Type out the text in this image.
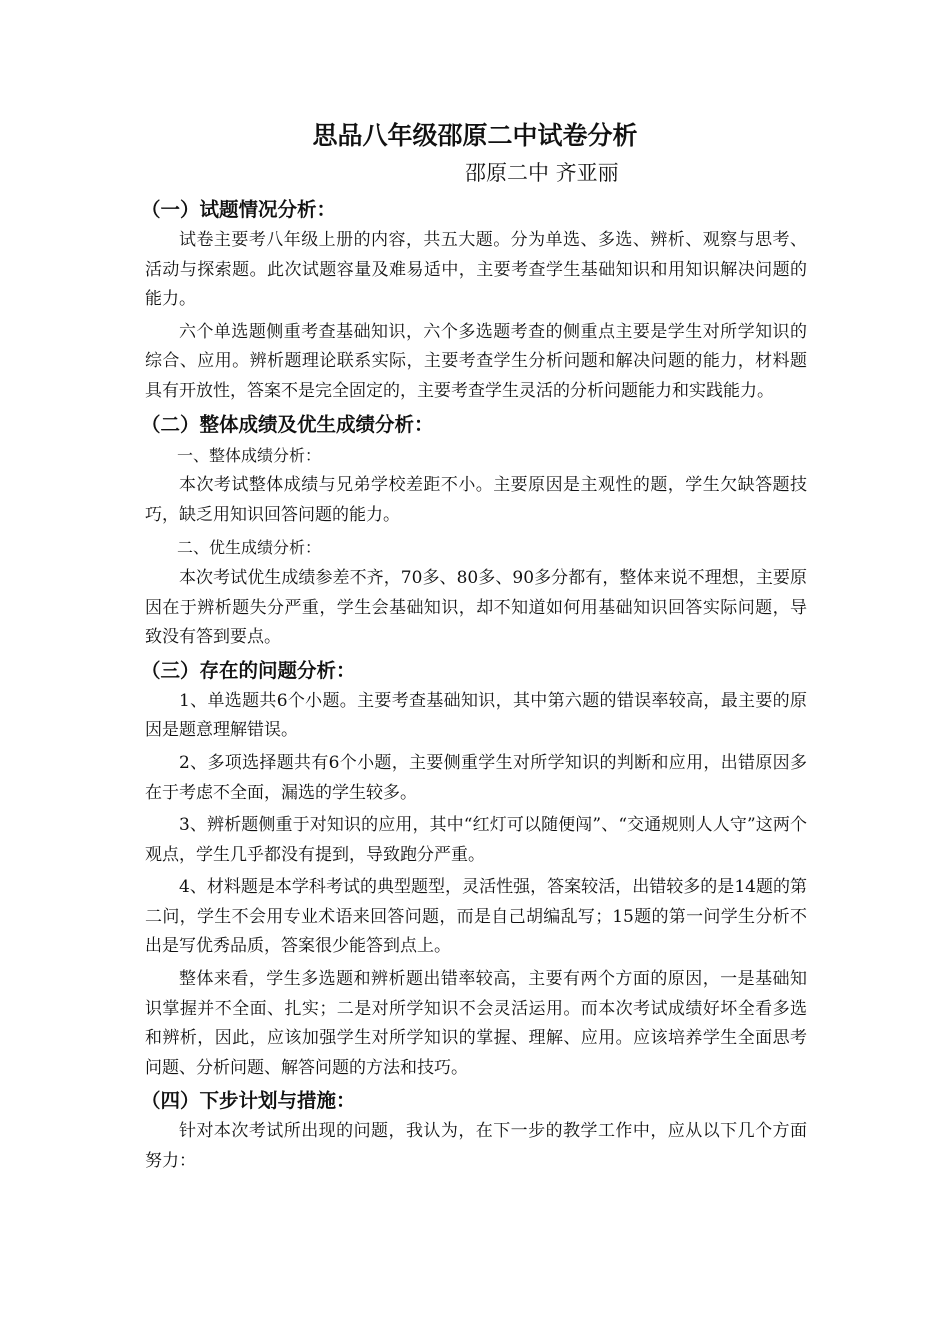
思品八年级邵原二中试卷分析
邵原二中 齐亚丽
（一）试题情况分析：

试卷主要考八年级上册的内容，共五大题。分为单选、多选、辨析、观察与思考、活动与探索题。此次试题容量及难易适中，主要考查学生基础知识和用知识解决问题的能力。

六个单选题侧重考查基础知识，六个多选题考查的侧重点主要是学生对所学知识的综合、应用。辨析题理论联系实际，主要考查学生分析问题和解决问题的能力，材料题具有开放性，答案不是完全固定的，主要考查学生灵活的分析问题能力和实践能力。

（二）整体成绩及优生成绩分析：
一、整体成绩分析：

本次考试整体成绩与兄弟学校差距不小。主要原因是主观性的题，学生欠缺答题技巧，缺乏用知识回答问题的能力。

二、优生成绩分析：

本次考试优生成绩参差不齐，70多、80多、90多分都有，整体来说不理想，主要原因在于辨析题失分严重，学生会基础知识，却不知道如何用基础知识回答实际问题，导致没有答到要点。

（三）存在的问题分析：

1、单选题共6个小题。主要考查基础知识，其中第六题的错误率较高，最主要的原因是题意理解错误。

2、多项选择题共有6个小题，主要侧重学生对所学知识的判断和应用，出错原因多在于考虑不全面，漏选的学生较多。

3、辨析题侧重于对知识的应用，其中“红灯可以随便闯”、“交通规则人人守”这两个观点，学生几乎都没有提到，导致跑分严重。

4、材料题是本学科考试的典型题型，灵活性强，答案较活，出错较多的是14题的第二问，学生不会用专业术语来回答问题，而是自己胡编乱写；15题的第一问学生分析不出是写优秀品质，答案很少能答到点上。

整体来看，学生多选题和辨析题出错率较高，主要有两个方面的原因，一是基础知识掌握并不全面、扎实；二是对所学知识不会灵活运用。而本次考试成绩好坏全看多选和辨析，因此，应该加强学生对所学知识的掌握、理解、应用。应该培养学生全面思考问题、分析问题、解答问题的方法和技巧。

（四）下步计划与措施：

针对本次考试所出现的问题，我认为，在下一步的教学工作中，应从以下几个方面努力：
